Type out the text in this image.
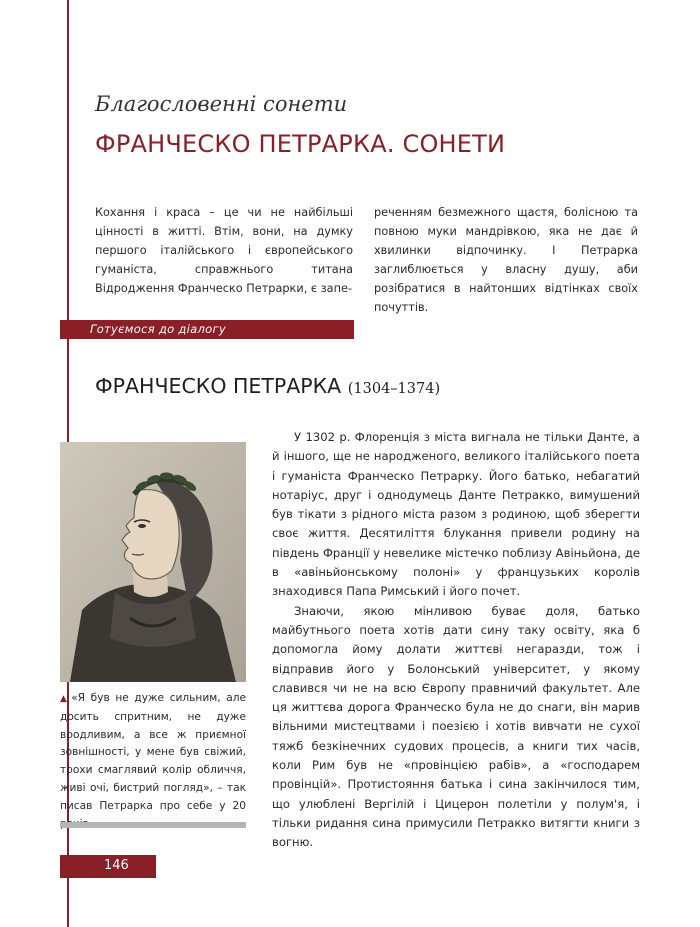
Благословенні сонети
ФРАНЧЕСКО ПЕТРАРКА. СОНЕТИ

Кохання і краса – це чи не найбільші цінності в житті. Втім, вони, на думку першого італійського і європейського гуманіста, справжнього титана Відродження Франческо Петрарки, є запе-

реченням безмежного щастя, болісною та повною муки мандрівкою, яка не дає й хвилинки відпочинку. І Петрарка заглиблюється у власну душу, аби розібратися в найтонших відтінках своїх почуттів.

Готуємося до діалогу
ФРАНЧЕСКО ПЕТРАРКА (1304–1374)

▲ «Я був не дуже сильним, але досить спритним, не дуже вродливим, а все ж приємної зовнішності, у мене був свіжий, трохи смаглявий колір обличчя, живі очі, бистрий погляд», – так писав Петрарка про себе у 20

У 1302 р. Флоренція з міста вигнала не тільки Данте, а й іншого, ще не народженого, великого італійського поета і гуманіста Франческо Петрарку. Його батько, небагатий нотаріус, друг і однодумець Данте Петракко, вимушений був тікати з рідного міста разом з родиною, щоб зберегти своє життя. Десятиліття блукання привели родину на південь Франції у невелике містечко поблизу Авіньйона, де в «авіньйонському полоні» у французьких королів знаходився Папа Римський і його почет.

Знаючи, якою мінливою буває доля, батько майбутнього поета хотів дати сину таку освіту, яка б допомогла йому долати життєві негаразди, тож і відправив його у Болонський університет, у якому славився чи не на всю Європу правничий факультет. Але ця життєва дорога Франческо була не до снаги, він марив вільними мистецтвами і поезією і хотів вивчати не сухої тяжб безкінечних судових процесів, а книги тих часів, коли Рим був не «провінцією рабів», а «господарем провінцій». Протистояння батька і сина закінчилося тим, що улюблені Вергілій і Цицерон полетіли у полум'я, і тільки ридання сина примусили Петракко витягти книги з вогню.

146
